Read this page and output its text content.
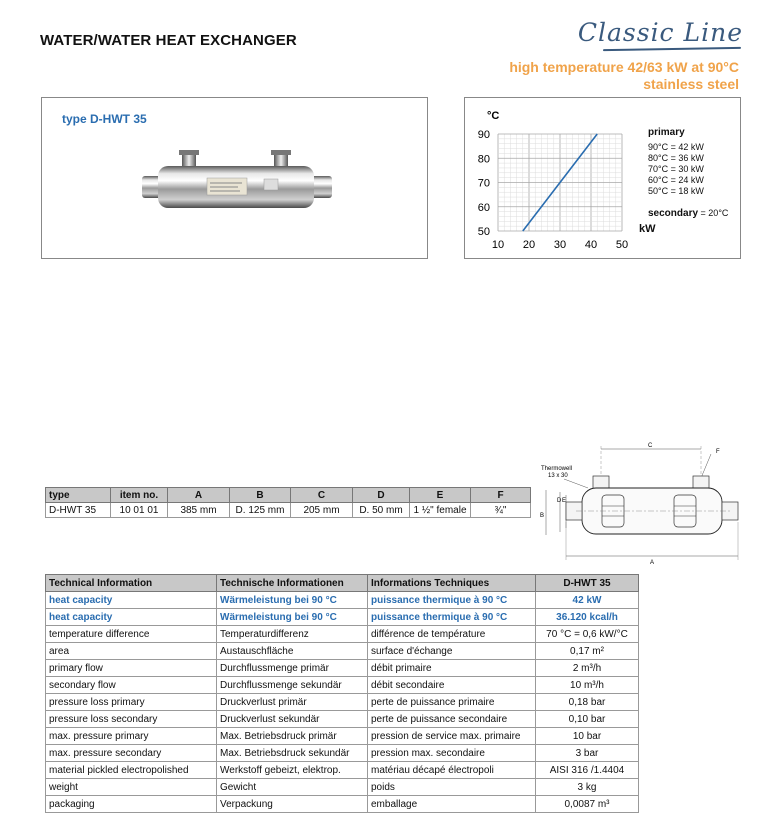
WATER/WATER HEAT EXCHANGER	Classic Line
high temperature 42/63 kW at 90°C
stainless steel
type D-HWT 35	°C
90
80
70
60
50
10 20 30 40 50
primary
90°C = 42 kW
80°C = 36 kW
70°C = 30 kW
60°C = 24 kW
50°C = 18 kW
secondary = 20°C
kW
type	item no.	A	B	C	D	E	F
D-HWT 35	10 01 01	385 mm	D. 125 mm	205 mm	D. 50 mm	1 ½" female	¾"
C
F
Thermowell
13 x 30
D E
B
A
Technical Information	Technische Informationen	Informations Techniques	D-HWT 35
heat capacity	Wärmeleistung bei 90 °C	puissance thermique à 90 °C	42 kW
heat capacity	Wärmeleistung bei 90 °C	puissance thermique à 90 °C	36.120 kcal/h
temperature difference	Temperaturdifferenz	différence de température	70 °C = 0,6 kW/°C
area	Austauschfläche	surface d'échange	0,17 m²
primary flow	Durchflussmenge primär	débit primaire	2 m³/h
secondary flow	Durchflussmenge sekundär	débit secondaire	10 m³/h
pressure loss primary	Druckverlust primär	perte de puissance primaire	0,18 bar
pressure loss secondary	Druckverlust sekundär	perte de puissance secondaire	0,10 bar
max. pressure primary	Max. Betriebsdruck primär	pression de service max. primaire	10 bar
max. pressure secondary	Max. Betriebsdruck sekundär	pression max. secondaire	3 bar
material pickled electropolished	Werkstoff gebeizt, elektrop.	matériau décapé électropoli	AISI 316 /1.4404
weight	Gewicht	poids	3 kg
packaging	Verpackung	emballage	0,0087 m³
